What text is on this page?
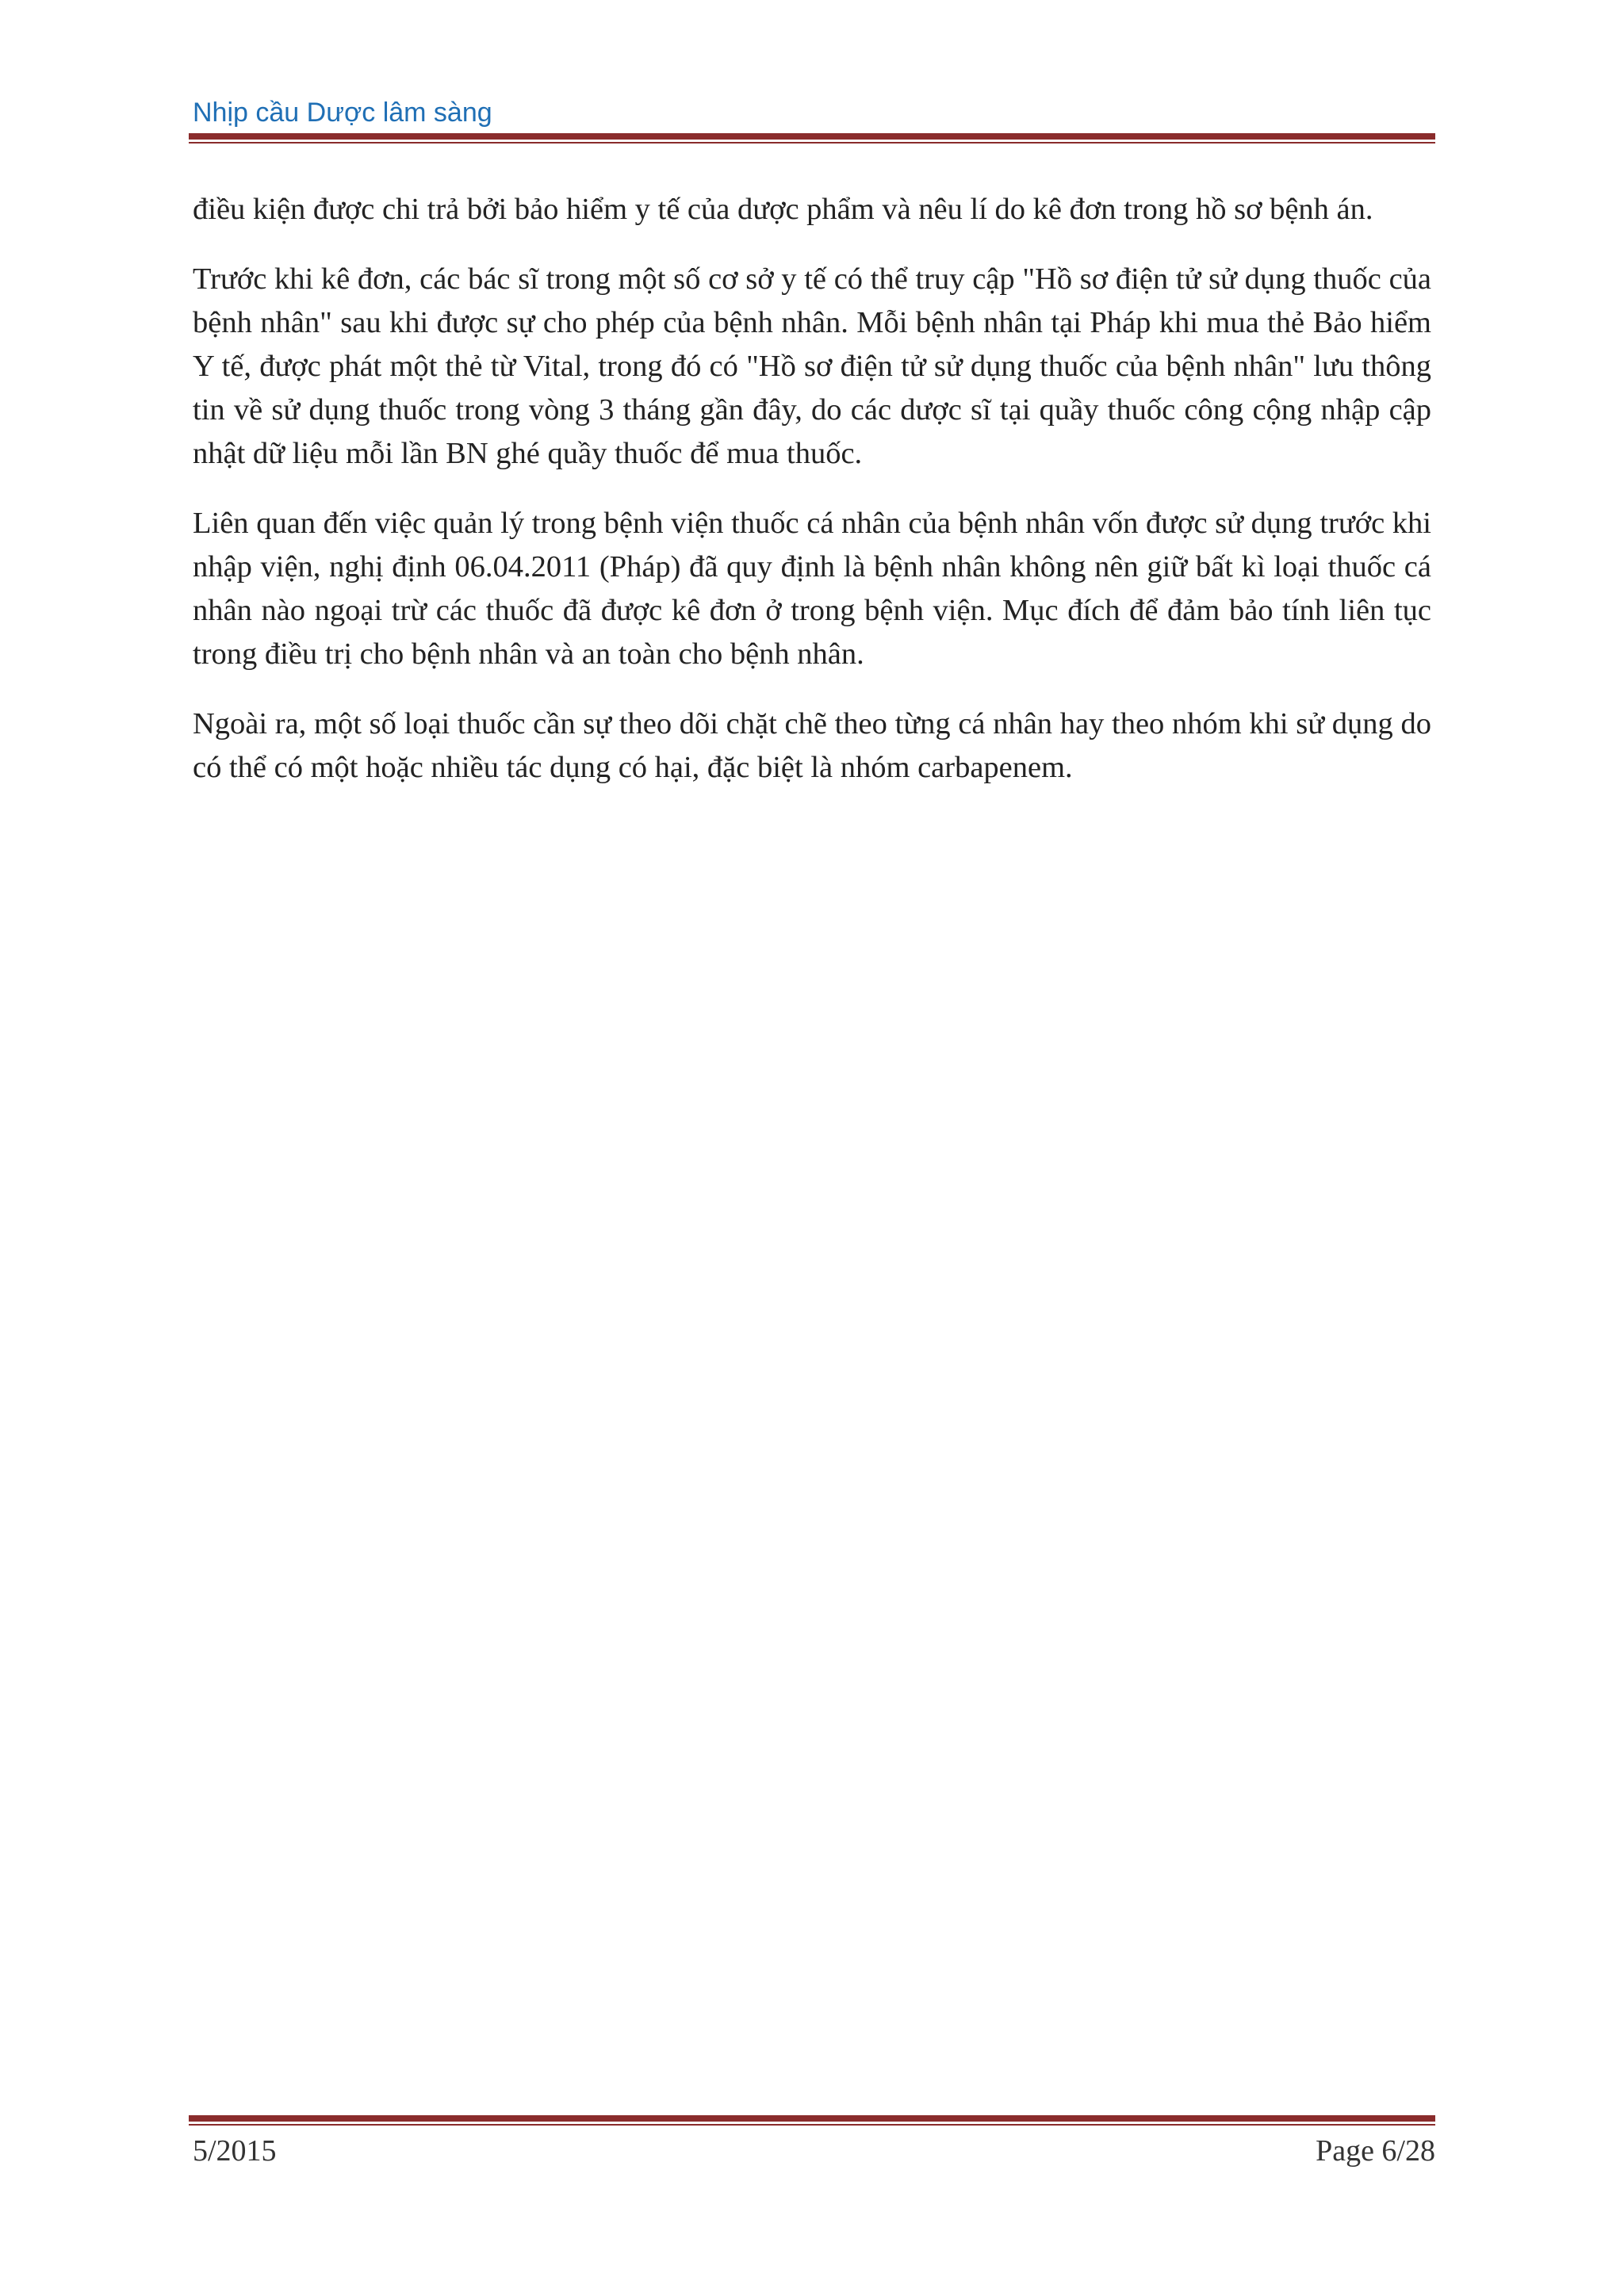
Nhịp cầu Dược lâm sàng

điều kiện được chi trả bởi bảo hiểm y tế của dược phẩm và nêu lí do kê đơn trong hồ sơ bệnh án.

Trước khi kê đơn, các bác sĩ trong một số cơ sở y tế có thể truy cập "Hồ sơ điện tử sử dụng thuốc của bệnh nhân" sau khi được sự cho phép của bệnh nhân. Mỗi bệnh nhân tại Pháp khi mua thẻ Bảo hiểm Y tế, được phát một thẻ từ Vital, trong đó có "Hồ sơ điện tử sử dụng thuốc của bệnh nhân" lưu thông tin về sử dụng thuốc trong vòng 3 tháng gần đây, do các dược sĩ tại quầy thuốc công cộng nhập cập nhật dữ liệu mỗi lần BN ghé quầy thuốc để mua thuốc.

Liên quan đến việc quản lý trong bệnh viện thuốc cá nhân của bệnh nhân vốn được sử dụng trước khi nhập viện, nghị định 06.04.2011 (Pháp) đã quy định là bệnh nhân không nên giữ bất kì loại thuốc cá nhân nào ngoại trừ các thuốc đã được kê đơn ở trong bệnh viện. Mục đích để đảm bảo tính liên tục trong điều trị cho bệnh nhân và an toàn cho bệnh nhân.

Ngoài ra, một số loại thuốc cần sự theo dõi chặt chẽ theo từng cá nhân hay theo nhóm khi sử dụng do có thể có một hoặc nhiều tác dụng có hại, đặc biệt là nhóm carbapenem.

5/2015	Page 6/28
